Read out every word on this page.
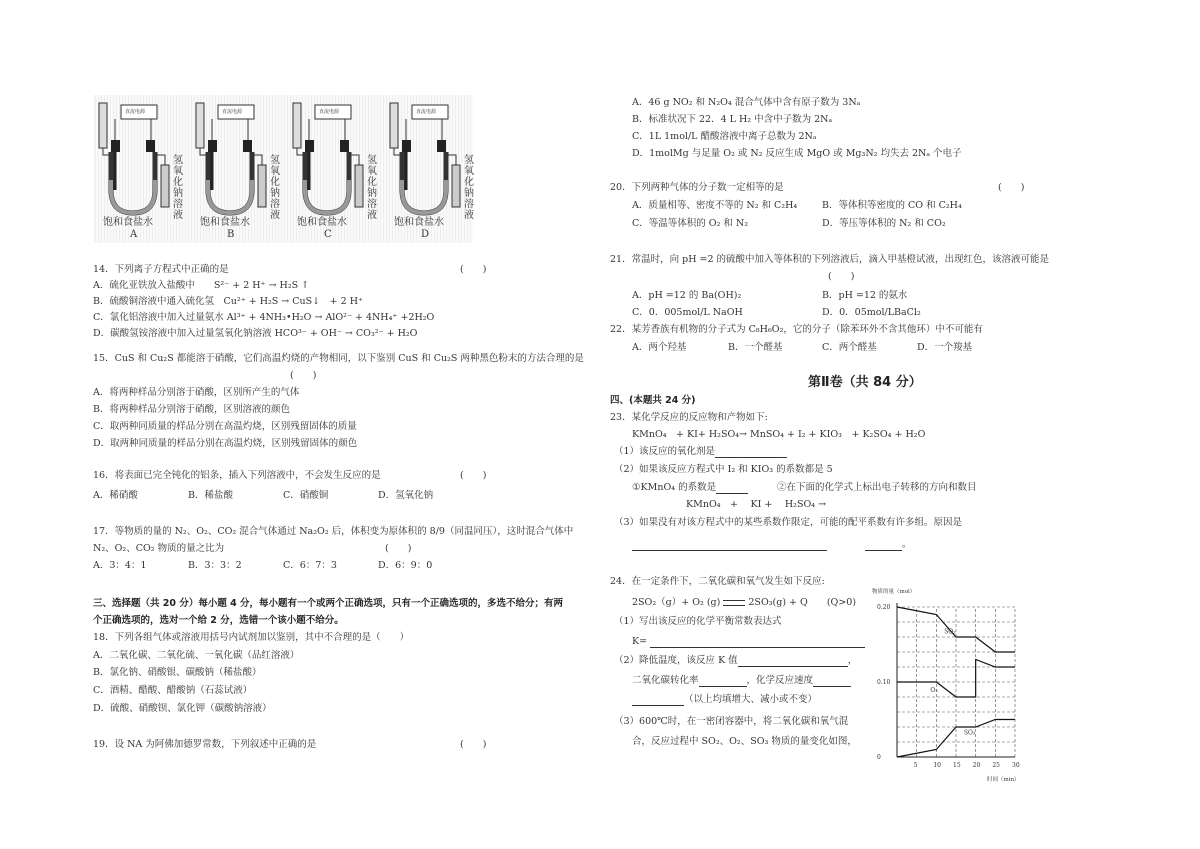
直流电源
氢氧化钠溶液
饱和食盐水
A
直流电源
氢氧化钠溶液
饱和食盐水
B
直流电源
氢氧化钠溶液
饱和食盐水
C
直流电源
氢氧化钠溶液
饱和食盐水
D
14．下列离子方程式中正确的是	(　　)
A．硫化亚铁放入盐酸中　　S²⁻ + 2 H⁺ → H₂S ↑
B．硫酸铜溶液中通入硫化氢　Cu²⁺ + H₂S → CuS↓　+ 2 H⁺
C．氯化铝溶液中加入过量氨水 Al³⁺ + 4NH₃•H₂O → AlO²⁻ + 4NH₄⁺ +2H₂O
D．碳酸氢铵溶液中加入过量氢氧化钠溶液 HCO³⁻ + OH⁻ → CO₃²⁻ + H₂O
15．CuS 和 Cu₂S 都能溶于硝酸，它们高温灼烧的产物相同，以下鉴别 CuS 和 Cu₂S 两种黑色粉末的方法合理的是
(　　)
A．将两种样品分别溶于硝酸，区别所产生的气体
B．将两种样品分别溶于硝酸，区别溶液的颜色
C．取两种同质量的样品分别在高温灼烧，区别残留固体的质量
D．取两种同质量的样品分别在高温灼烧，区别残留固体的颜色
16．将表面已完全钝化的铝条，插入下列溶液中，不会发生反应的是	(　　)
A．稀硝酸	B．稀盐酸	C．硝酸铜	D．氢氧化钠
17．等物质的量的 N₂、O₂、CO₂ 混合气体通过 Na₂O₂ 后，体积变为原体积的 8/9（同温同压），这时混合气体中
N₂、O₂、CO₂ 物质的量之比为	(　　)
A．3：4：1	B．3：3：2	C．6：7：3	D．6：9：0
三、选择题（共 20 分）每小题 4 分，每小题有一个或两个正确选项，只有一个正确选项的，多选不给分；有两
个正确选项的，选对一个给 2 分，选错一个该小题不给分。
18．下列各组气体或溶液用括号内试剂加以鉴别，其中不合理的是（　　）
A．二氧化碳、二氧化硫、一氧化碳（品红溶液）
B．氯化钠、硝酸银、碳酸钠（稀盐酸）
C．酒精、醋酸、醋酸钠（石蕊试液）
D．硫酸、硝酸钡、氯化钾（碳酸钠溶液）
19．设 NA 为阿佛加德罗常数，下列叙述中正确的是	(　　)
A．46 g NO₂ 和 N₂O₄ 混合气体中含有原子数为 3Nₐ
B．标准状况下 22．4 L H₂ 中含中子数为 2Nₐ
C．1L 1mol/L 醋酸溶液中离子总数为 2Nₐ
D．1molMg 与足量 O₂ 或 N₂ 反应生成 MgO 或 Mg₃N₂ 均失去 2Nₐ 个电子
20．下列两种气体的分子数一定相等的是	(　　)
A．质量相等、密度不等的 N₂ 和 C₂H₄	B．等体积等密度的 CO 和 C₂H₄
C．等温等体积的 O₂ 和 N₂	D．等压等体积的 N₂ 和 CO₂
21．常温时，向 pH =2 的硫酸中加入等体积的下列溶液后，滴入甲基橙试液，出现红色，该溶液可能是
(　　)
A．pH =12 的 Ba(OH)₂	B．pH =12 的氨水
C．0．005mol/L NaOH	D．0．05mol/LBaCl₂
22．某芳香族有机物的分子式为 C₈H₆O₂，它的分子（除苯环外不含其他环）中不可能有
A．两个羟基	B．一个醛基	C．两个醛基	D．一个羧基
第Ⅱ卷（共 84 分）
四、(本题共 24 分)
23．某化学反应的反应物和产物如下:
KMnO₄　+ KI+ H₂SO₄→ MnSO₄ + I₂ + KIO₃　+ K₂SO₄ + H₂O
（1）该反应的氧化剂是
（2）如果该反应方程式中 I₂ 和 KIO₃ 的系数都是 5
①KMnO₄ 的系数是	②在下面的化学式上标出电子转移的方向和数目
KMnO₄　+　 KI +　 H₂SO₄ →
（3）如果没有对该方程式中的某些系数作限定，可能的配平系数有许多组。原因是
。
24．在一定条件下，二氧化碳和氧气发生如下反应:
2SO₂（g）+ O₂ (g)	2SO₃(g) + Q　　(Q>0)
（1）写出该反应的化学平衡常数表达式
K=
（2）降低温度，该反应 K 值	，
二氧化碳转化率	，化学反应速度
（以上均填增大、减小或不变）
（3）600℃时，在一密闭容器中，将二氧化碳和氧气混
合，反应过程中 SO₂、O₂、SO₃ 物质的量变化如图，
物质的量（mol）
时间（min）
5	10 15 20 25 30
0
0.10
0.20
SO₂
O₂
SO₃
